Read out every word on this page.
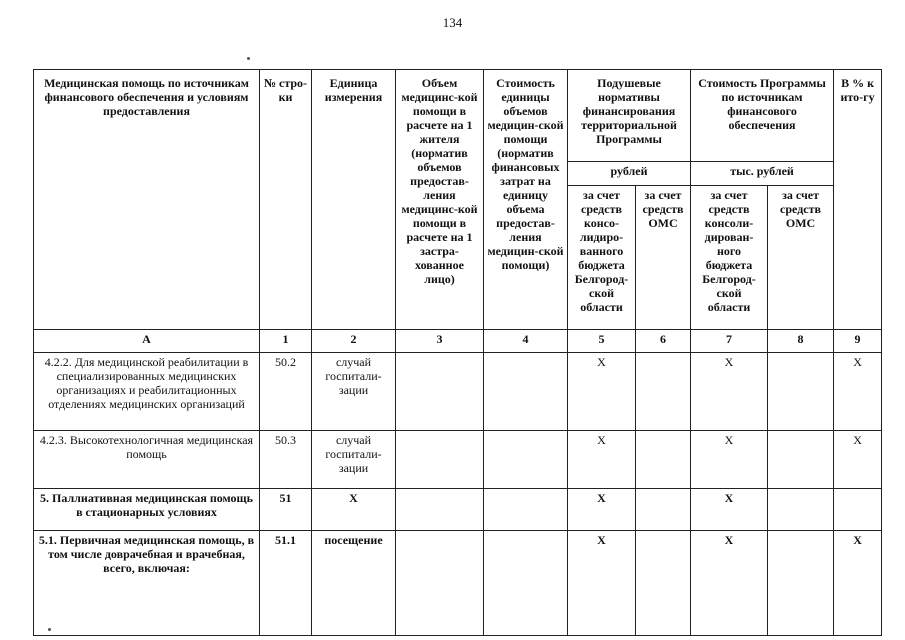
134
Медицинская помощь по источникам финансового обеспечения и условиям предоставления	№ стро-ки	Единица измерения	Объем медицинс-кой помощи в расчете на 1 жителя (норматив объемов предостав-ления медицинс-кой помощи в расчете на 1 застра-хованное лицо)	Стоимость единицы объемов медицин-ской помощи (норматив финансовых затрат на единицу объема предостав-ления медицин-ской помощи)	Подушевые нормативы финансирования территориальной Программы		Стоимость Программы по источникам финансового обеспечения		В % к ито-гу
					рублей		тыс. рублей		
					за счет средств консо-лидиро-ванного бюджета Белгород-ской области	за счет средств ОМС	за счет средств консоли-дирован-ного бюджета Белгород-ской области	за счет средств ОМС	
А	1	2	3	4	5	6	7	8	9
4.2.2. Для медицинской реабилитации в специализированных медицинских организациях и реабилитационных отделениях медицинских организаций	50.2	случай госпитали-зации			Х		Х		Х
4.2.3. Высокотехнологичная медицинская помощь	50.3	случай госпитали-зации			Х		Х		Х
5. Паллиативная медицинская помощь в стационарных условиях	51	Х			Х		Х		
5.1. Первичная медицинская помощь, в том числе доврачебная и врачебная, всего, включая:	51.1	посещение			Х		Х		Х
